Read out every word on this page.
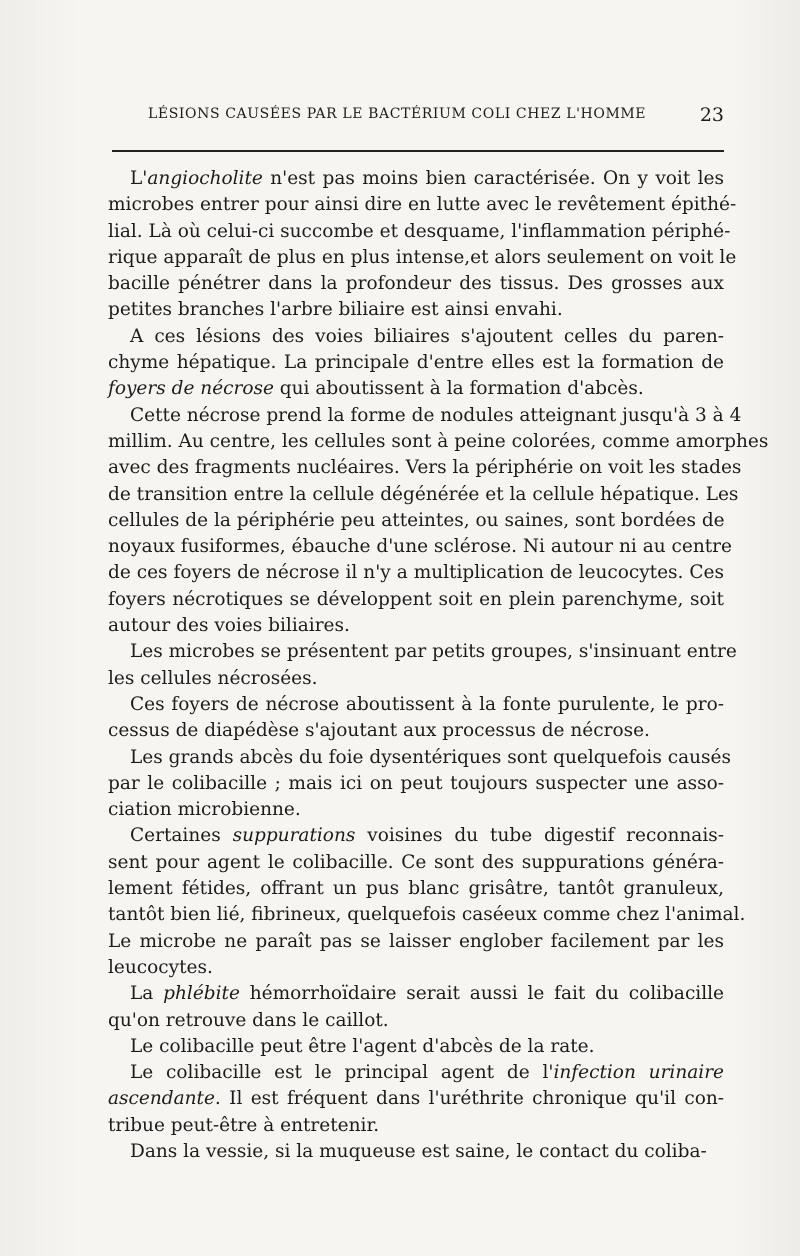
LÉSIONS CAUSÉES PAR LE BACTÉRIUM COLI CHEZ L'HOMME	23
L'angiocholite n'est pas moins bien caractérisée. On y voit les
microbes entrer pour ainsi dire en lutte avec le revêtement épithé-
lial. Là où celui-ci succombe et desquame, l'inflammation périphé-
rique apparaît de plus en plus intense,et alors seulement on voit le
bacille pénétrer dans la profondeur des tissus. Des grosses aux
petites branches l'arbre biliaire est ainsi envahi.
A ces lésions des voies biliaires s'ajoutent celles du paren-
chyme hépatique. La principale d'entre elles est la formation de
foyers de nécrose qui aboutissent à la formation d'abcès.
Cette nécrose prend la forme de nodules atteignant jusqu'à 3 à 4
millim. Au centre, les cellules sont à peine colorées, comme amorphes
avec des fragments nucléaires. Vers la périphérie on voit les stades
de transition entre la cellule dégénérée et la cellule hépatique. Les
cellules de la périphérie peu atteintes, ou saines, sont bordées de
noyaux fusiformes, ébauche d'une sclérose. Ni autour ni au centre
de ces foyers de nécrose il n'y a multiplication de leucocytes. Ces
foyers nécrotiques se développent soit en plein parenchyme, soit
autour des voies biliaires.
Les microbes se présentent par petits groupes, s'insinuant entre
les cellules nécrosées.
Ces foyers de nécrose aboutissent à la fonte purulente, le pro-
cessus de diapédèse s'ajoutant aux processus de nécrose.
Les grands abcès du foie dysentériques sont quelquefois causés
par le colibacille ; mais ici on peut toujours suspecter une asso-
ciation microbienne.
Certaines suppurations voisines du tube digestif reconnais-
sent pour agent le colibacille. Ce sont des suppurations généra-
lement fétides, offrant un pus blanc grisâtre, tantôt granuleux,
tantôt bien lié, fibrineux, quelquefois caséeux comme chez l'animal.
Le microbe ne paraît pas se laisser englober facilement par les
leucocytes.
La phlébite hémorrhoïdaire serait aussi le fait du colibacille
qu'on retrouve dans le caillot.
Le colibacille peut être l'agent d'abcès de la rate.
Le colibacille est le principal agent de l'infection urinaire
ascendante. Il est fréquent dans l'uréthrite chronique qu'il con-
tribue peut-être à entretenir.
Dans la vessie, si la muqueuse est saine, le contact du coliba-
